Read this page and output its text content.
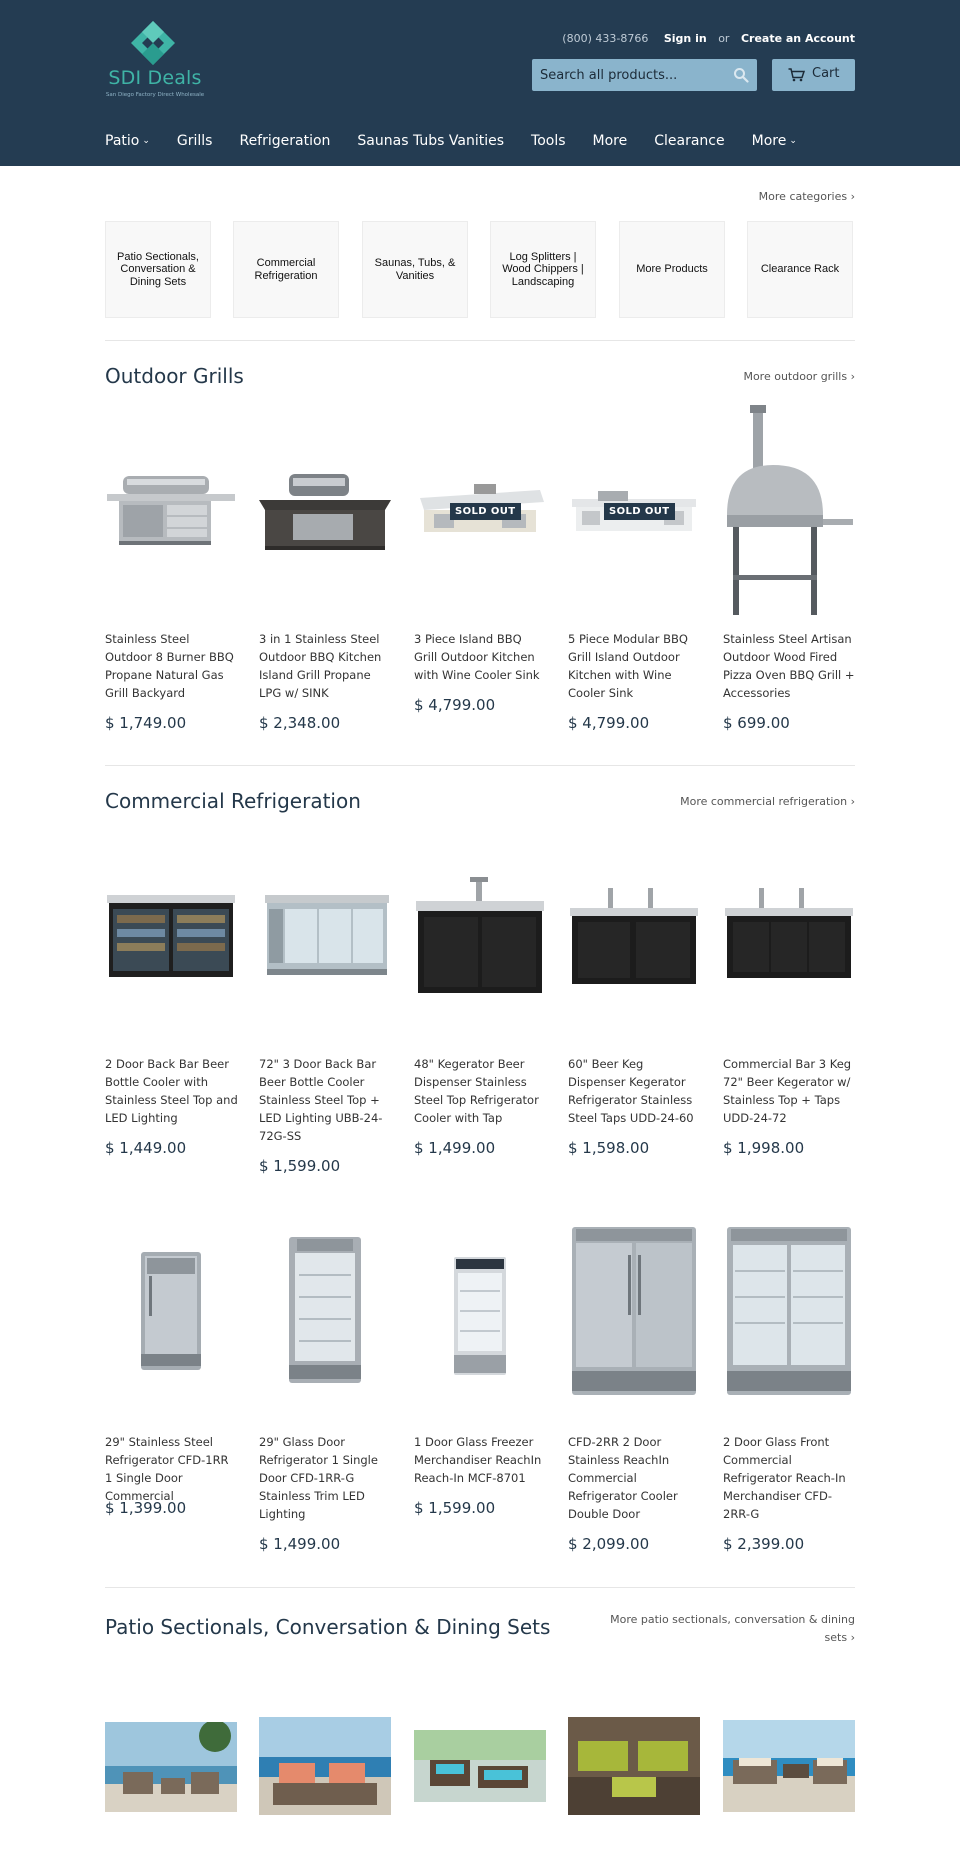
SDI Deals
San Diego Factory Direct Wholesale
(800) 433-8766 Sign in or Create an Account
Search all products...
Cart
Patio ⌄ Grills Refrigeration Saunas Tubs Vanities Tools More Clearance More ⌄
More categories ›
Patio Sectionals, Conversation & Dining Sets
Commercial Refrigeration
Saunas, Tubs, & Vanities
Log Splitters | Wood Chippers | Landscaping
More Products	Clearance Rack
Outdoor Grills	More outdoor grills ›
Stainless Steel Outdoor 8 Burner BBQ Propane Natural Gas Grill Backyard
$ 1,749.00
3 in 1 Stainless Steel Outdoor BBQ Kitchen Island Grill Propane LPG w/ SINK
$ 2,348.00
SOLD OUT
3 Piece Island BBQ Grill Outdoor Kitchen with Wine Cooler Sink
$ 4,799.00
SOLD OUT
5 Piece Modular BBQ Grill Island Outdoor Kitchen with Wine Cooler Sink
$ 4,799.00
Stainless Steel Artisan Outdoor Wood Fired Pizza Oven BBQ Grill + Accessories
$ 699.00
Commercial Refrigeration	More commercial refrigeration ›
2 Door Back Bar Beer Bottle Cooler with Stainless Steel Top and LED Lighting
$ 1,449.00
72" 3 Door Back Bar Beer Bottle Cooler Stainless Steel Top + LED Lighting UBB-24-72G-SS
$ 1,599.00
48" Kegerator Beer Dispenser Stainless Steel Top Refrigerator Cooler with Tap
$ 1,499.00
60" Beer Keg Dispenser Kegerator Refrigerator Stainless Steel Taps UDD-24-60
$ 1,598.00
Commercial Bar 3 Keg 72" Beer Kegerator w/ Stainless Top + Taps UDD-24-72
$ 1,998.00
29" Stainless Steel Refrigerator CFD-1RR 1 Single Door Commercial
$ 1,399.00
29" Glass Door Refrigerator 1 Single Door CFD-1RR-G Stainless Trim LED Lighting
$ 1,499.00
1 Door Glass Freezer Merchandiser ReachIn Reach-In MCF-8701
$ 1,599.00
CFD-2RR 2 Door Stainless ReachIn Commercial Refrigerator Cooler Double Door
$ 2,099.00
2 Door Glass Front Commercial Refrigerator Reach-In Merchandiser CFD-2RR-G
$ 2,399.00
Patio Sectionals, Conversation & Dining Sets	More patio sectionals, conversation & dining sets ›
